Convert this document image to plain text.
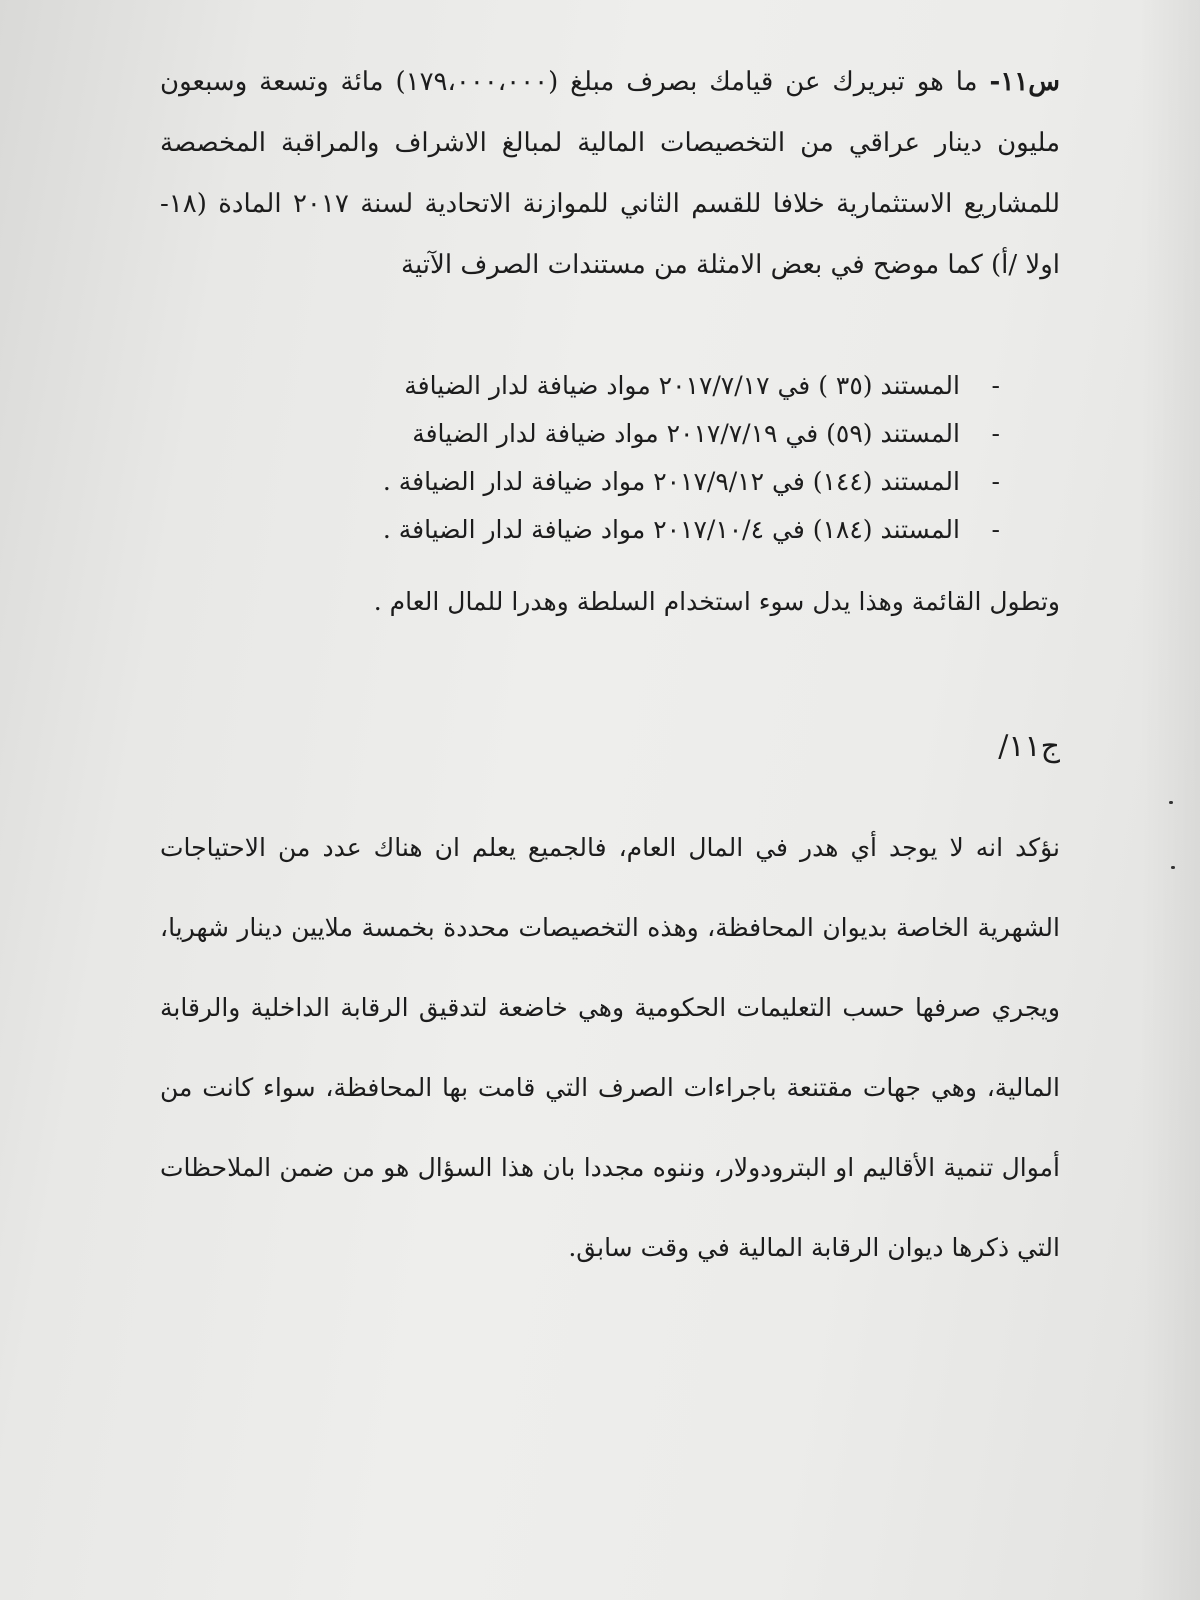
س١١- ما هو تبريرك عن قيامك بصرف مبلغ (١٧٩،٠٠٠،٠٠٠) مائة وتسعة وسبعون مليون دينار عراقي من التخصيصات المالية لمبالغ الاشراف والمراقبة المخصصة للمشاريع الاستثمارية خلافا للقسم الثاني للموازنة الاتحادية لسنة ٢٠١٧ المادة (١٨- اولا /أ) كما موضح في بعض الامثلة من مستندات الصرف الآتية
-
المستند (٣٥ ) في ٢٠١٧/٧/١٧ مواد ضيافة لدار الضيافة
-
المستند (٥٩) في ٢٠١٧/٧/١٩ مواد ضيافة لدار الضيافة
-
المستند (١٤٤) في ٢٠١٧/٩/١٢ مواد ضيافة لدار الضيافة .
-
المستند (١٨٤) في ٢٠١٧/١٠/٤ مواد ضيافة لدار الضيافة .
وتطول القائمة وهذا يدل سوء استخدام السلطة وهدرا للمال العام .
ج١١/
نؤكد انه لا يوجد أي هدر في المال العام، فالجميع يعلم ان هناك عدد من الاحتياجات الشهرية الخاصة بديوان المحافظة، وهذه التخصيصات محددة بخمسة ملايين دينار شهريا، ويجري صرفها حسب التعليمات الحكومية وهي خاضعة لتدقيق الرقابة الداخلية والرقابة المالية، وهي جهات مقتنعة باجراءات الصرف التي قامت بها المحافظة، سواء كانت من أموال تنمية الأقاليم او البترودولار، وننوه مجددا بان هذا السؤال هو من ضمن الملاحظات التي ذكرها ديوان الرقابة المالية في وقت سابق.
